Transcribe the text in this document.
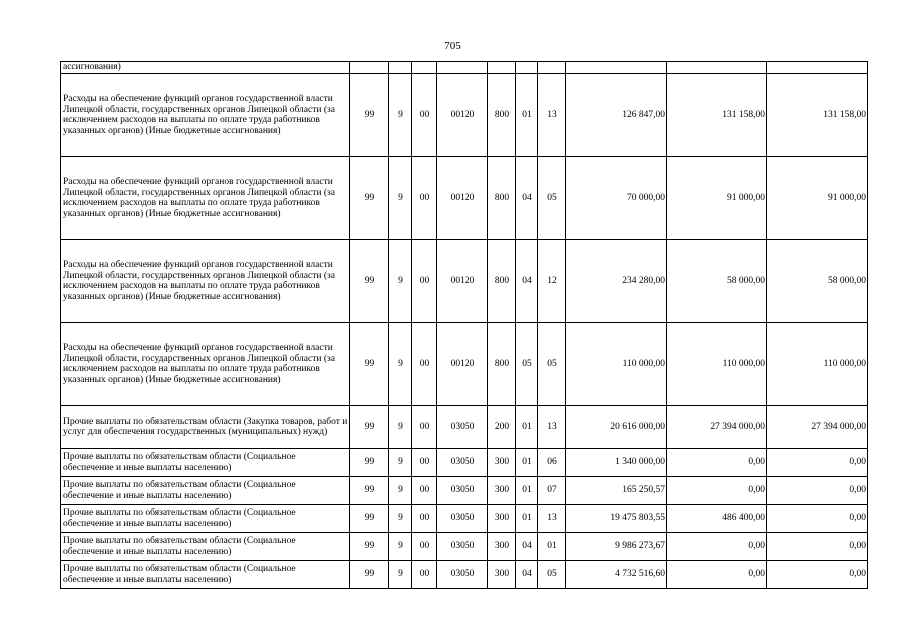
705
ассигнования)										
Расходы на обеспечение функций органов государственной власти Липецкой области, государственных органов Липецкой области (за исключением расходов на выплаты по оплате труда работников указанных органов) (Иные бюджетные ассигнования)	99	9	00	00120	800	01	13	126 847,00	131 158,00	131 158,00
Расходы на обеспечение функций органов государственной власти Липецкой области, государственных органов Липецкой области (за исключением расходов на выплаты по оплате труда работников указанных органов) (Иные бюджетные ассигнования)	99	9	00	00120	800	04	05	70 000,00	91 000,00	91 000,00
Расходы на обеспечение функций органов государственной власти Липецкой области, государственных органов Липецкой области (за исключением расходов на выплаты по оплате труда работников указанных органов) (Иные бюджетные ассигнования)	99	9	00	00120	800	04	12	234 280,00	58 000,00	58 000,00
Расходы на обеспечение функций органов государственной власти Липецкой области, государственных органов Липецкой области (за исключением расходов на выплаты по оплате труда работников указанных органов) (Иные бюджетные ассигнования)	99	9	00	00120	800	05	05	110 000,00	110 000,00	110 000,00
Прочие выплаты по обязательствам области (Закупка товаров, работ и услуг для обеспечения государственных (муниципальных) нужд)	99	9	00	03050	200	01	13	20 616 000,00	27 394 000,00	27 394 000,00
Прочие выплаты по обязательствам области (Социальное обеспечение и иные выплаты населению)	99	9	00	03050	300	01	06	1 340 000,00	0,00	0,00
Прочие выплаты по обязательствам области (Социальное обеспечение и иные выплаты населению)	99	9	00	03050	300	01	07	165 250,57	0,00	0,00
Прочие выплаты по обязательствам области (Социальное обеспечение и иные выплаты населению)	99	9	00	03050	300	01	13	19 475 803,55	486 400,00	0,00
Прочие выплаты по обязательствам области (Социальное обеспечение и иные выплаты населению)	99	9	00	03050	300	04	01	9 986 273,67	0,00	0,00
Прочие выплаты по обязательствам области (Социальное обеспечение и иные выплаты населению)	99	9	00	03050	300	04	05	4 732 516,60	0,00	0,00
